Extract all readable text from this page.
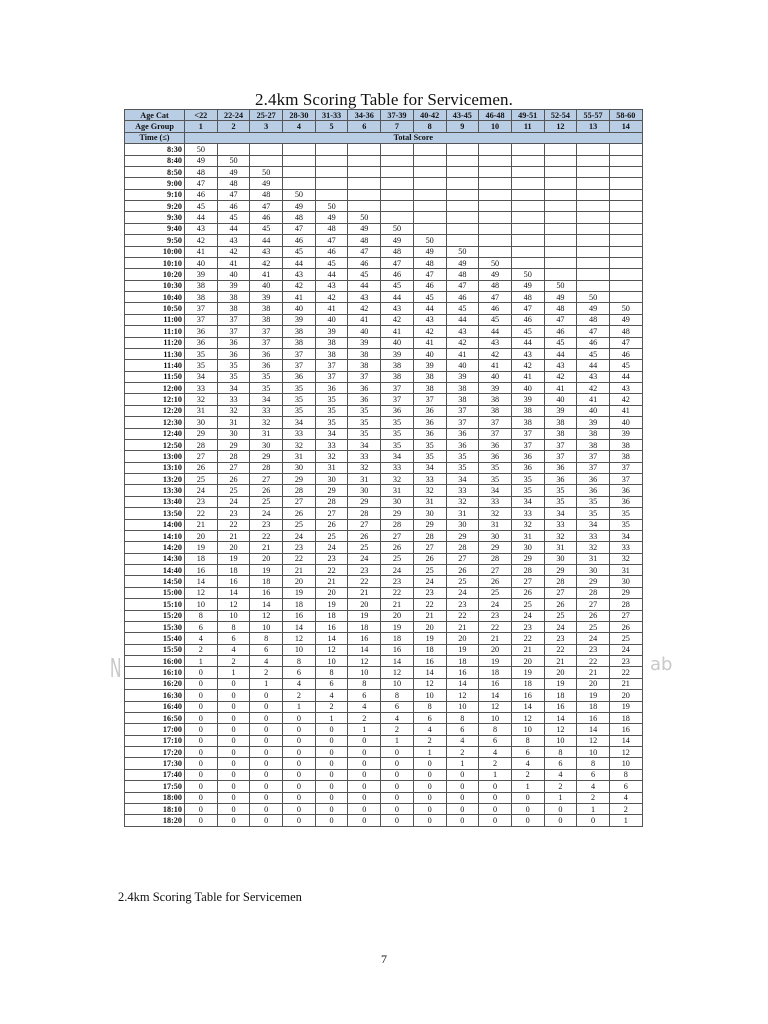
2.4km Scoring Table for Servicemen.
Age Cat	<22	22-24	25-27	28-30	31-33	34-36	37-39	40-42	43-45	46-48	49-51	52-54	55-57	58-60
Age Group	1	2	3	4	5	6	7	8	9	10	11	12	13	14
Time (≤)	Total Score													
8:30	50													
8:40	49	50												
8:50	48	49	50											
9:00	47	48	49											
9:10	46	47	48	50										
9:20	45	46	47	49	50									
9:30	44	45	46	48	49	50								
9:40	43	44	45	47	48	49	50							
9:50	42	43	44	46	47	48	49	50						
10:00	41	42	43	45	46	47	48	49	50					
10:10	40	41	42	44	45	46	47	48	49	50				
10:20	39	40	41	43	44	45	46	47	48	49	50			
10:30	38	39	40	42	43	44	45	46	47	48	49	50		
10:40	38	38	39	41	42	43	44	45	46	47	48	49	50	
10:50	37	38	38	40	41	42	43	44	45	46	47	48	49	50
11:00	37	37	38	39	40	41	42	43	44	45	46	47	48	49
11:10	36	37	37	38	39	40	41	42	43	44	45	46	47	48
11:20	36	36	37	38	38	39	40	41	42	43	44	45	46	47
11:30	35	36	36	37	38	38	39	40	41	42	43	44	45	46
11:40	35	35	36	37	37	38	38	39	40	41	42	43	44	45
11:50	34	35	35	36	37	37	38	38	39	40	41	42	43	44
12:00	33	34	35	35	36	36	37	38	38	39	40	41	42	43
12:10	32	33	34	35	35	36	37	37	38	38	39	40	41	42
12:20	31	32	33	35	35	35	36	36	37	38	38	39	40	41
12:30	30	31	32	34	35	35	35	36	37	37	38	38	39	40
12:40	29	30	31	33	34	35	35	36	36	37	37	38	38	39
12:50	28	29	30	32	33	34	35	35	36	36	37	37	38	38
13:00	27	28	29	31	32	33	34	35	35	36	36	37	37	38
13:10	26	27	28	30	31	32	33	34	35	35	36	36	37	37
13:20	25	26	27	29	30	31	32	33	34	35	35	36	36	37
13:30	24	25	26	28	29	30	31	32	33	34	35	35	36	36
13:40	23	24	25	27	28	29	30	31	32	33	34	35	35	36
13:50	22	23	24	26	27	28	29	30	31	32	33	34	35	35
14:00	21	22	23	25	26	27	28	29	30	31	32	33	34	35
14:10	20	21	22	24	25	26	27	28	29	30	31	32	33	34
14:20	19	20	21	23	24	25	26	27	28	29	30	31	32	33
14:30	18	19	20	22	23	24	25	26	27	28	29	30	31	32
14:40	16	18	19	21	22	23	24	25	26	27	28	29	30	31
14:50	14	16	18	20	21	22	23	24	25	26	27	28	29	30
15:00	12	14	16	19	20	21	22	23	24	25	26	27	28	29
15:10	10	12	14	18	19	20	21	22	23	24	25	26	27	28
15:20	8	10	12	16	18	19	20	21	22	23	24	25	26	27
15:30	6	8	10	14	16	18	19	20	21	22	23	24	25	26
15:40	4	6	8	12	14	16	18	19	20	21	22	23	24	25
15:50	2	4	6	10	12	14	16	18	19	20	21	22	23	24
16:00	1	2	4	8	10	12	14	16	18	19	20	21	22	23
16:10	0	1	2	6	8	10	12	14	16	18	19	20	21	22
16:20	0	0	1	4	6	8	10	12	14	16	18	19	20	21
16:30	0	0	0	2	4	6	8	10	12	14	16	18	19	20
16:40	0	0	0	1	2	4	6	8	10	12	14	16	18	19
16:50	0	0	0	0	1	2	4	6	8	10	12	14	16	18
17:00	0	0	0	0	0	1	2	4	6	8	10	12	14	16
17:10	0	0	0	0	0	0	1	2	4	6	8	10	12	14
17:20	0	0	0	0	0	0	0	1	2	4	6	8	10	12
17:30	0	0	0	0	0	0	0	0	1	2	4	6	8	10
17:40	0	0	0	0	0	0	0	0	0	1	2	4	6	8
17:50	0	0	0	0	0	0	0	0	0	0	1	2	4	6
18:00	0	0	0	0	0	0	0	0	0	0	0	1	2	4
18:10	0	0	0	0	0	0	0	0	0	0	0	0	1	2
18:20	0	0	0	0	0	0	0	0	0	0	0	0	0	1
2.4km Scoring Table for Servicemen
7
N	ab
